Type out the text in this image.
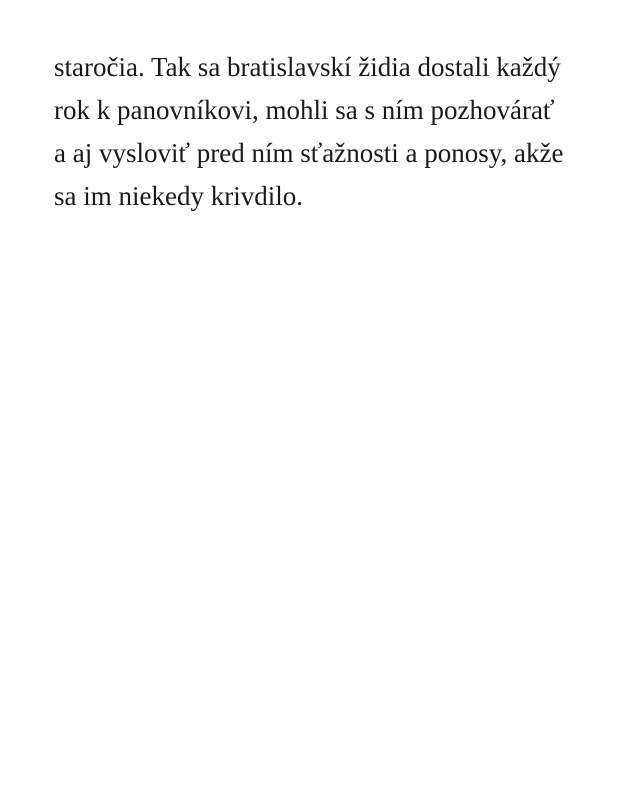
staročia. Tak sa bratislavskí židia dostali každý
rok k panovníkovi, mohli sa s ním pozhovárať
a aj vysloviť pred ním sťažnosti a ponosy, akže
sa im niekedy krivdilo.
